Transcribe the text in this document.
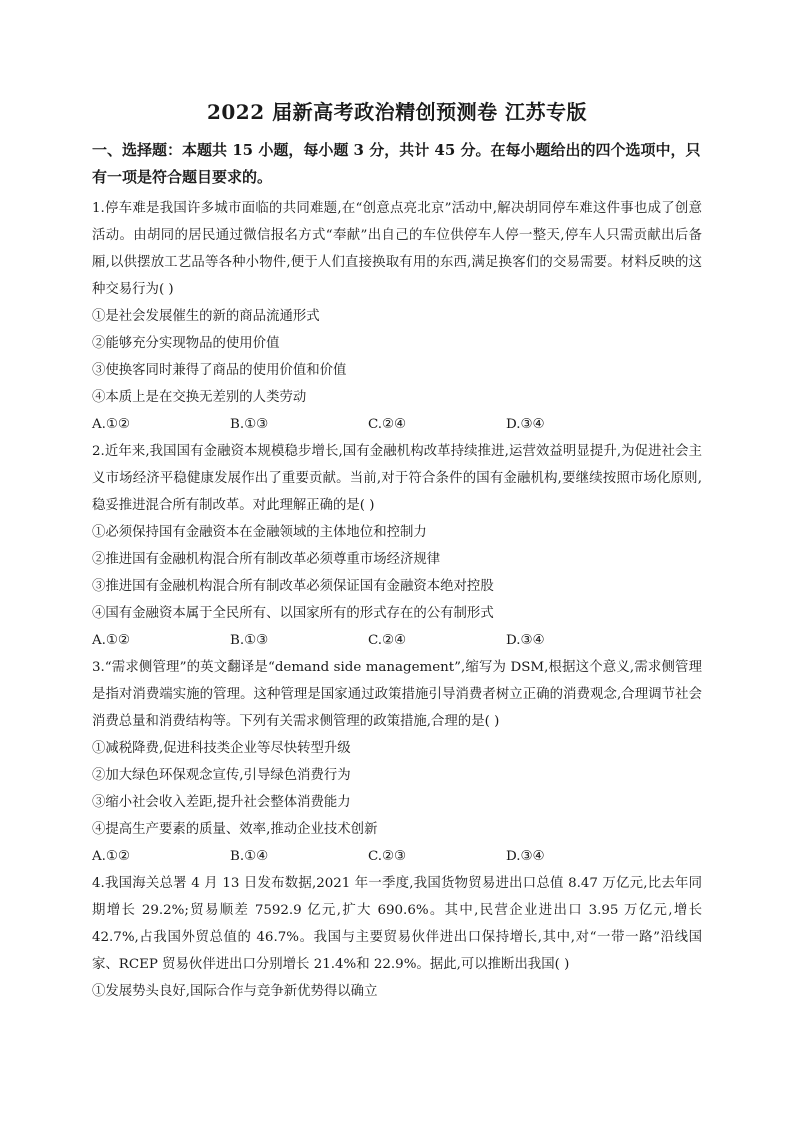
2022 届新高考政治精创预测卷 江苏专版

一、选择题：本题共 15 小题，每小题 3 分，共计 45 分。在每小题给出的四个选项中，只有一项是符合题目要求的。

1.停车难是我国许多城市面临的共同难题,在“创意点亮北京”活动中,解决胡同停车难这件事也成了创意活动。由胡同的居民通过微信报名方式“奉献”出自己的车位供停车人停一整天,停车人只需贡献出后备厢,以供摆放工艺品等各种小物件,便于人们直接换取有用的东西,满足换客们的交易需要。材料反映的这种交易行为( )

①是社会发展催生的新的商品流通形式

②能够充分实现物品的使用价值

③使换客同时兼得了商品的使用价值和价值

④本质上是在交换无差别的人类劳动

A.①②	B.①③	C.②④	D.③④

2.近年来,我国国有金融资本规模稳步增长,国有金融机构改革持续推进,运营效益明显提升,为促进社会主义市场经济平稳健康发展作出了重要贡献。当前,对于符合条件的国有金融机构,要继续按照市场化原则,稳妥推进混合所有制改革。对此理解正确的是( )

①必须保持国有金融资本在金融领域的主体地位和控制力

②推进国有金融机构混合所有制改革必须尊重市场经济规律

③推进国有金融机构混合所有制改革必须保证国有金融资本绝对控股

④国有金融资本属于全民所有、以国家所有的形式存在的公有制形式

A.①②	B.①③	C.②④	D.③④

3.“需求侧管理”的英文翻译是“demand side management”,缩写为 DSM,根据这个意义,需求侧管理是指对消费端实施的管理。这种管理是国家通过政策措施引导消费者树立正确的消费观念,合理调节社会消费总量和消费结构等。下列有关需求侧管理的政策措施,合理的是( )

①减税降费,促进科技类企业等尽快转型升级

②加大绿色环保观念宣传,引导绿色消费行为

③缩小社会收入差距,提升社会整体消费能力

④提高生产要素的质量、效率,推动企业技术创新

A.①②	B.①④	C.②③	D.③④

4.我国海关总署 4 月 13 日发布数据,2021 年一季度,我国货物贸易进出口总值 8.47 万亿元,比去年同期增长 29.2%;贸易顺差 7592.9 亿元,扩大 690.6%。其中,民营企业进出口 3.95 万亿元,增长 42.7%,占我国外贸总值的 46.7%。我国与主要贸易伙伴进出口保持增长,其中,对“一带一路”沿线国家、RCEP 贸易伙伴进出口分别增长 21.4%和 22.9%。据此,可以推断出我国( )

①发展势头良好,国际合作与竞争新优势得以确立
